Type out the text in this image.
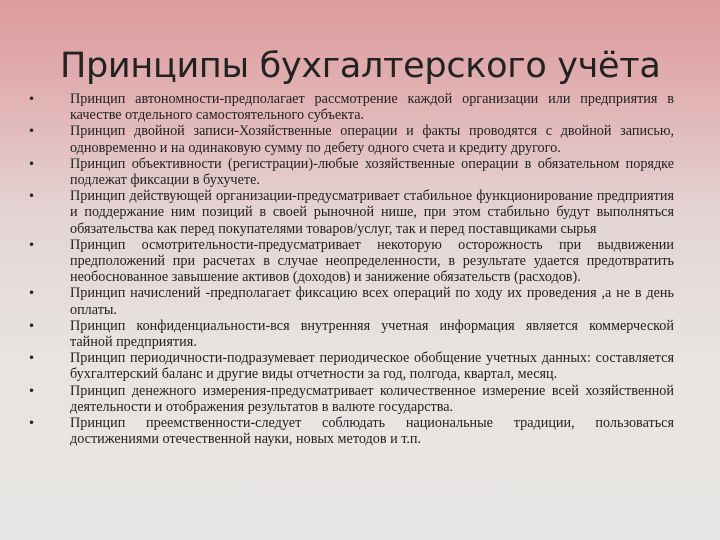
Принципы бухгалтерского учёта
• Принцип автономности-предполагает рассмотрение каждой организации или предприятия в качестве отдельного самостоятельного субъекта.
• Принцип двойной записи-Хозяйственные операции и факты проводятся с двойной записью, одновременно и на одинаковую сумму по дебету одного счета и кредиту другого.
• Принцип объективности (регистрации)-любые хозяйственные операции в обязательном порядке подлежат фиксации в бухучете.
• Принцип действующей организации-предусматривает стабильное функционирование предприятия и поддержание ним позиций в своей рыночной нише, при этом стабильно будут выполняться обязательства как перед покупателями товаров/услуг, так и перед поставщиками сырья
• Принцип осмотрительности-предусматривает некоторую осторожность при выдвижении предположений при расчетах в случае неопределенности, в результате удается предотвратить необоснованное завышение активов (доходов) и занижение обязательств (расходов).
• Принцип начислений -предполагает фиксацию всех операций по ходу их проведения ,а не в день оплаты.
• Принцип конфиденциальности-вся внутренняя учетная информация является коммерческой тайной предприятия.
• Принцип периодичности-подразумевает периодическое обобщение учетных данных: составляется бухгалтерский баланс и другие виды отчетности за год, полгода, квартал, месяц.
• Принцип денежного измерения-предусматривает количественное измерение всей хозяйственной деятельности и отображения результатов в валюте государства.
• Принцип преемственности-следует соблюдать национальные традиции, пользоваться достижениями отечественной науки, новых методов и т.п.
